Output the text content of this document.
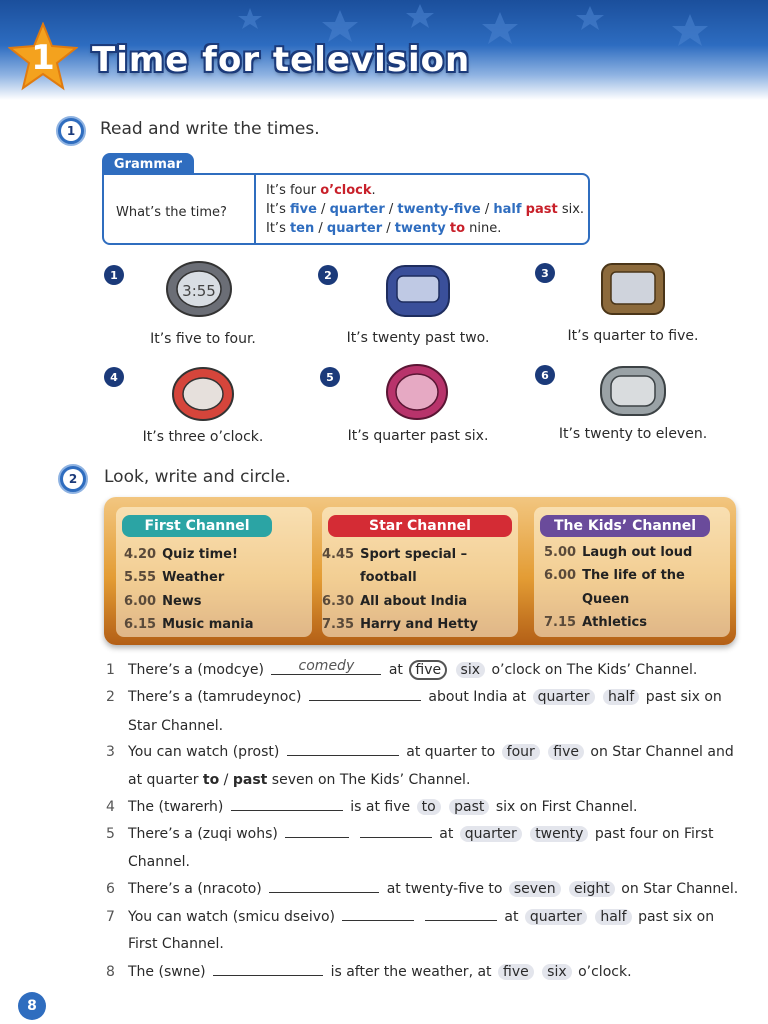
1	Time for television
1	Read and write the times.
Grammar
What’s the time?
It’s four o’clock.
It’s five / quarter / twenty-five / half past six.
It’s ten / quarter / twenty to nine.
1
3:55
It’s five to four.
2
It’s twenty past two.
3
It’s quarter to five.
4
It’s three o’clock.
5
It’s quarter past six.
6
It’s twenty to eleven.
2	Look, write and circle.
First Channel
4.20 Quiz time!
5.55 Weather
6.00 News
6.15 Music mania
Star Channel
4.45 Sport special –
football
6.30 All about India
7.35 Harry and Hetty
The Kids’ Channel
5.00 Laugh out loud
6.00 The life of the
Queen
7.15 Athletics
1 There’s a (modcye) comedy at five six o’clock on The Kids’ Channel.
2 There’s a (tamrudeynoc)	about India at quarter half past six on
Star Channel.
3 You can watch (prost)	at quarter to four five on Star Channel and
at quarter to / past seven on The Kids’ Channel.
4 The (twarerh)	is at five to past six on First Channel.
5 There’s a (zuqi wohs)	at quarter twenty past four on First
Channel.
6 There’s a (nracoto)	at twenty-five to seven eight on Star Channel.
7 You can watch (smicu dseivo)	at quarter half past six on
First Channel.
8 The (swne)	is after the weather, at five six o’clock.
8
